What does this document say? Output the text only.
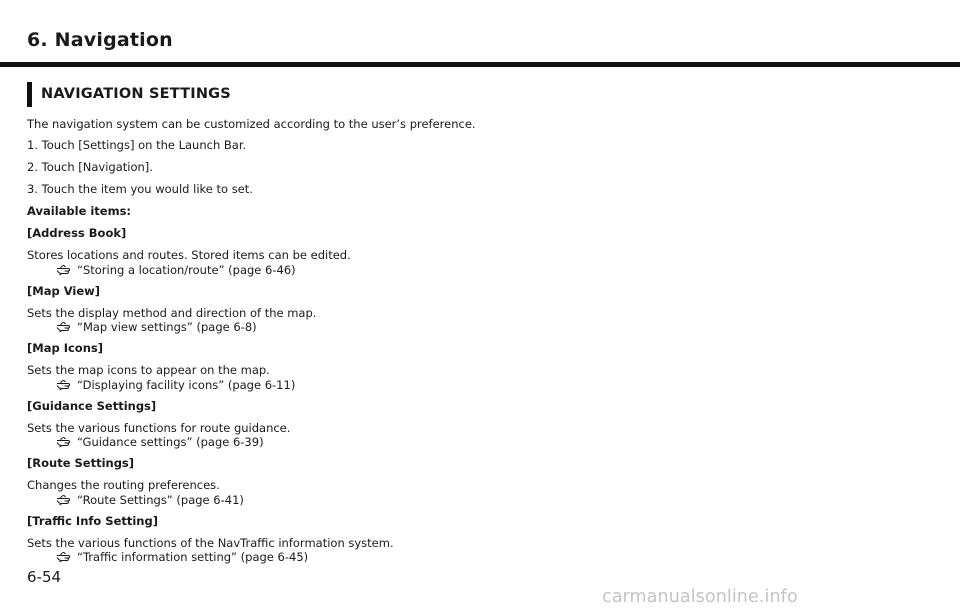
6. Navigation
NAVIGATION SETTINGS

The navigation system can be customized according to the user’s preference.

1. Touch [Settings] on the Launch Bar.

2. Touch [Navigation].

3. Touch the item you would like to set.

Available items:

[Address Book]

Stores locations and routes. Stored items can be edited.

“Storing a location/route” (page 6-46)

[Map View]

Sets the display method and direction of the map.

“Map view settings” (page 6-8)

[Map Icons]

Sets the map icons to appear on the map.

“Displaying facility icons” (page 6-11)

[Guidance Settings]

Sets the various functions for route guidance.

“Guidance settings” (page 6-39)

[Route Settings]

Changes the routing preferences.

“Route Settings” (page 6-41)

[Traffic Info Setting]

Sets the various functions of the NavTraffic information system.

“Traffic information setting” (page 6-45)

6-54

carmanualsonline.info
